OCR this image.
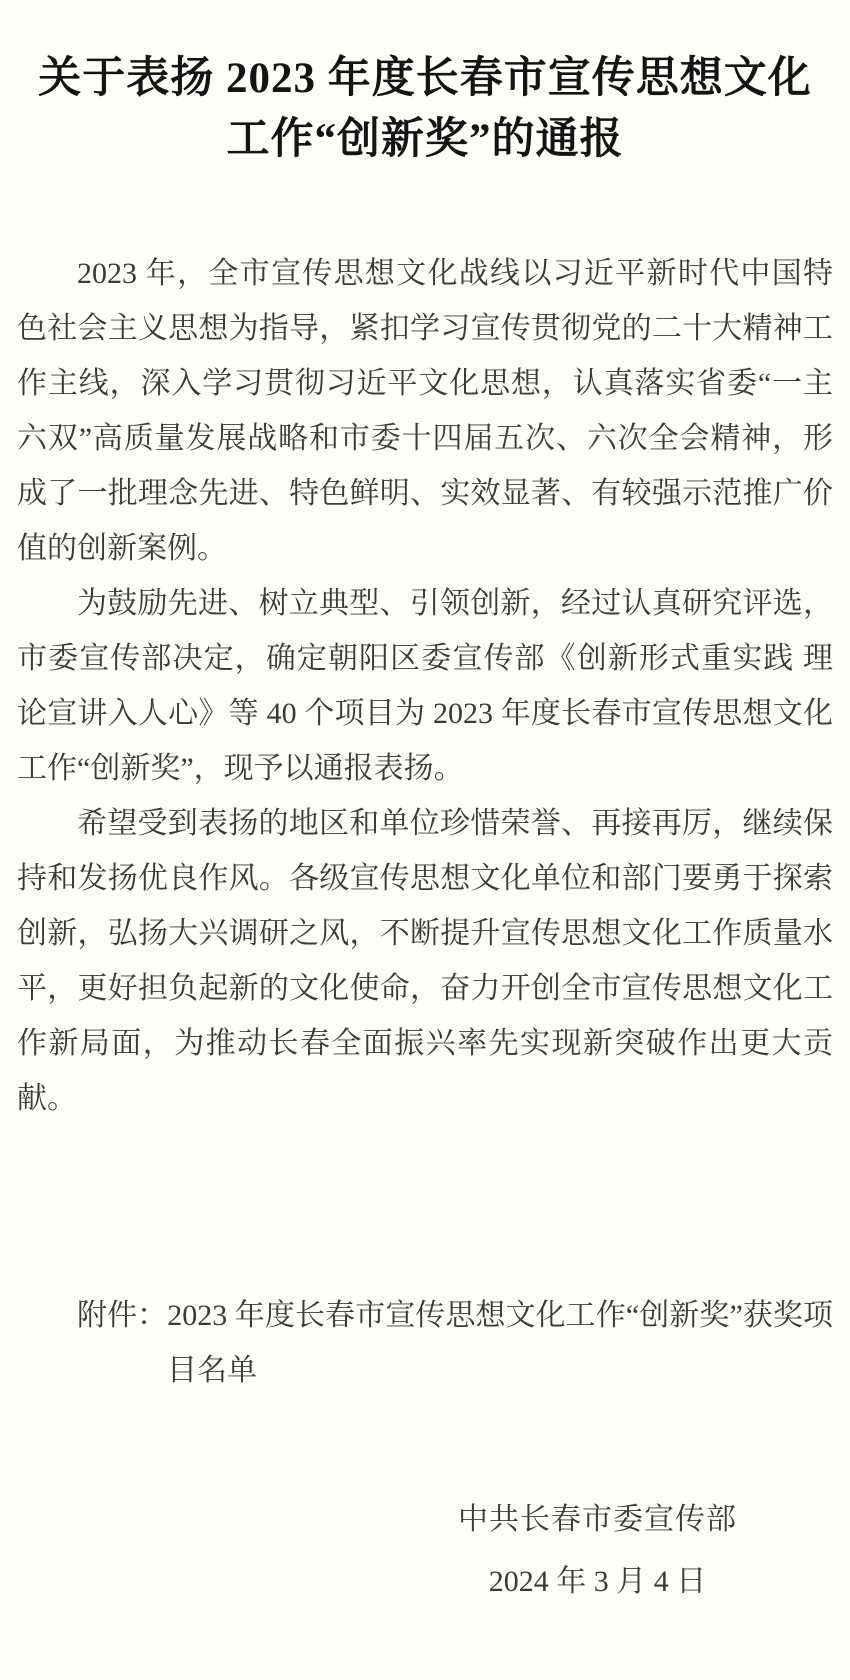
关于表扬 2023 年度长春市宣传思想文化
工作“创新奖”的通报

2023 年，全市宣传思想文化战线以习近平新时代中国特色社会主义思想为指导，紧扣学习宣传贯彻党的二十大精神工作主线，深入学习贯彻习近平文化思想，认真落实省委“一主六双”高质量发展战略和市委十四届五次、六次全会精神，形成了一批理念先进、特色鲜明、实效显著、有较强示范推广价值的创新案例。

为鼓励先进、树立典型、引领创新，经过认真研究评选，市委宣传部决定，确定朝阳区委宣传部《创新形式重实践 理论宣讲入人心》等 40 个项目为 2023 年度长春市宣传思想文化工作“创新奖”，现予以通报表扬。

希望受到表扬的地区和单位珍惜荣誉、再接再厉，继续保持和发扬优良作风。各级宣传思想文化单位和部门要勇于探索创新，弘扬大兴调研之风，不断提升宣传思想文化工作质量水平，更好担负起新的文化使命，奋力开创全市宣传思想文化工作新局面，为推动长春全面振兴率先实现新突破作出更大贡献。

附件：2023 年度长春市宣传思想文化工作“创新奖”获奖项目名单
中共长春市委宣传部
2024 年 3 月 4 日
